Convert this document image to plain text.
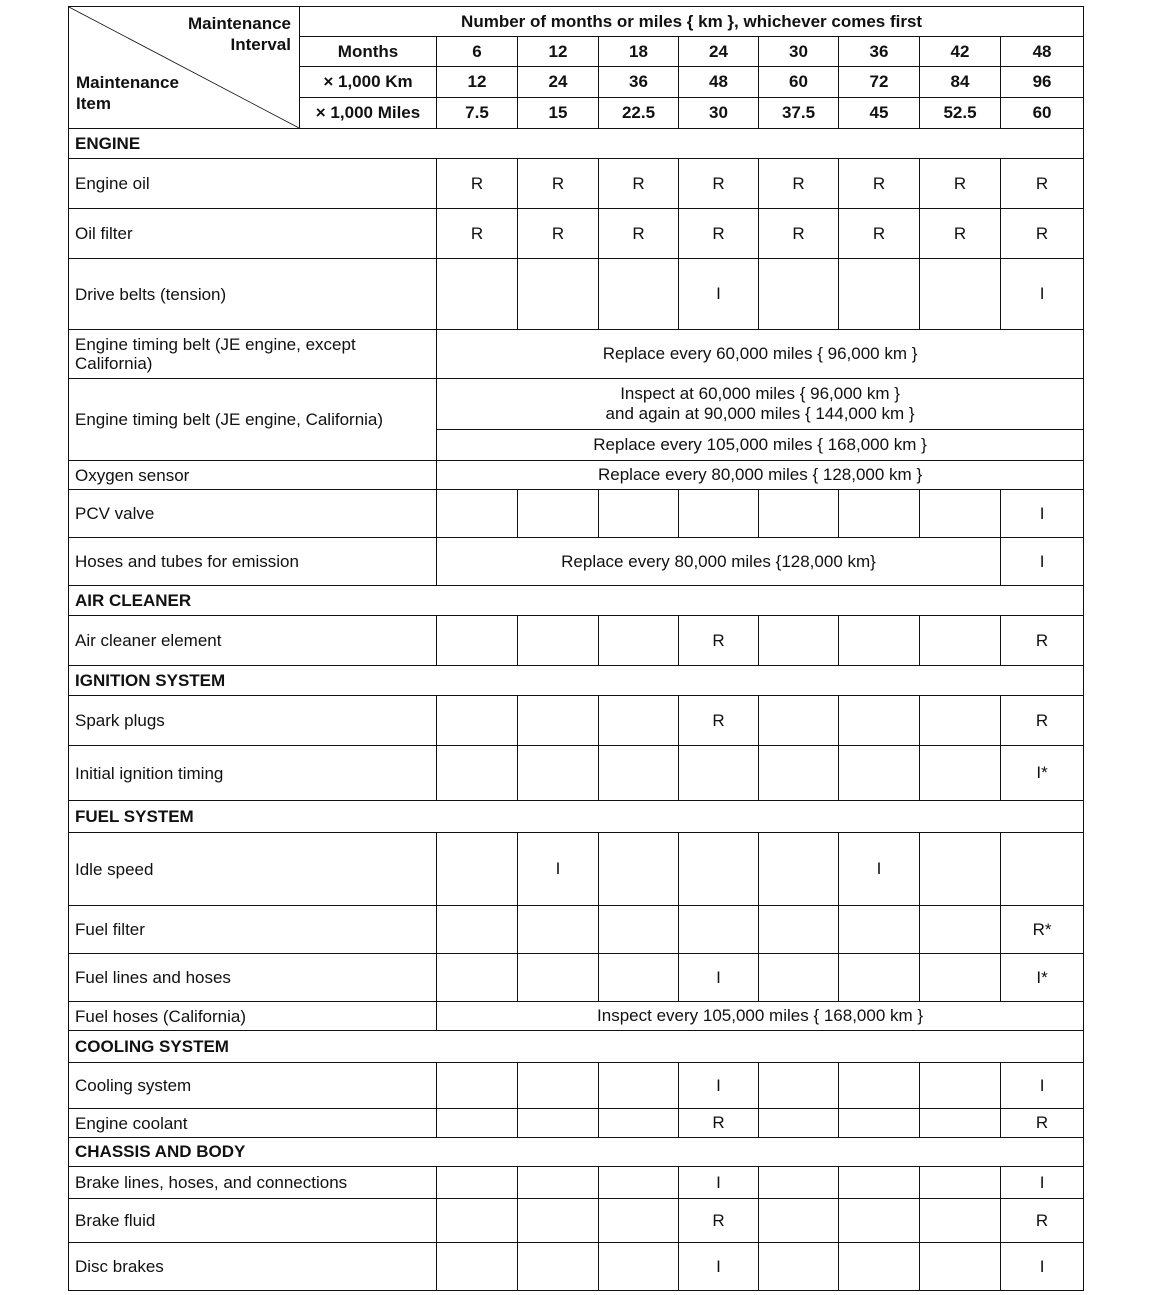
Maintenance
Interval
Maintenance
Item	Number of months or miles { km }, whichever comes first								
	Months	6	12	18	24	30	36	42	48
	× 1,000 Km	12	24	36	48	60	72	84	96
	× 1,000 Miles	7.5	15	22.5	30	37.5	45	52.5	60
ENGINE									
Engine oil		R	R	R	R	R	R	R	R
Oil filter		R	R	R	R	R	R	R	R
Drive belts (tension)					I				I
Engine timing belt (JE engine, except California)		Replace every 60,000 miles { 96,000 km }							
Engine timing belt (JE engine, California)		Inspect at 60,000 miles { 96,000 km }
and again at 90,000 miles { 144,000 km }							
		Replace every 105,000 miles { 168,000 km }							
Oxygen sensor		Replace every 80,000 miles { 128,000 km }							
PCV valve									I
Hoses and tubes for emission		Replace every 80,000 miles {128,000 km}							I
AIR CLEANER									
Air cleaner element					R				R
IGNITION SYSTEM									
Spark plugs					R				R
Initial ignition timing									I*
FUEL SYSTEM									
Idle speed			I				I		
Fuel filter									R*
Fuel lines and hoses					I				I*
Fuel hoses (California)		Inspect every 105,000 miles { 168,000 km }							
COOLING SYSTEM									
Cooling system					I				I
Engine coolant					R				R
CHASSIS AND BODY									
Brake lines, hoses, and connections					I				I
Brake fluid					R				R
Disc brakes					I				I
